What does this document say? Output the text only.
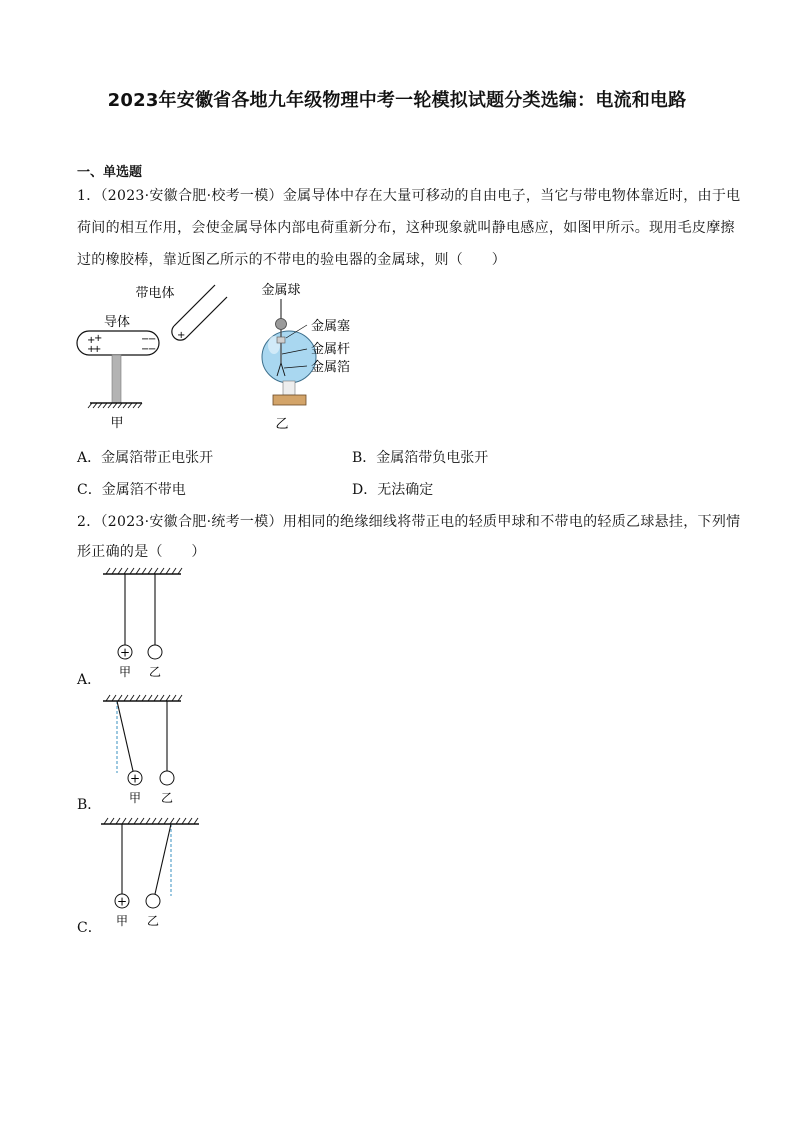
2023年安徽省各地九年级物理中考一轮模拟试题分类选编：电流和电路
一、单选题
1．（2023·安徽合肥·校考一模）金属导体中存在大量可移动的自由电子，当它与带电物体靠近时，由于电
荷间的相互作用，会使金属导体内部电荷重新分布，这种现象就叫静电感应，如图甲所示。现用毛皮摩擦
过的橡胶棒，靠近图乙所示的不带电的验电器的金属球，则（　　）
带电体
导体
+
+
+
+
−
−
−
−
甲
+
金属球
金属塞
金属杆
金属箔
乙
A．金属箔带正电张开	B．金属箔带负电张开
C．金属箔不带电	D．无法确定
2．（2023·安徽合肥·统考一模）用相同的绝缘细线将带正电的轻质甲球和不带电的轻质乙球悬挂，下列情
形正确的是（　　）
+
甲 乙
A．
+
甲 乙
B．
+
甲 乙
C．
